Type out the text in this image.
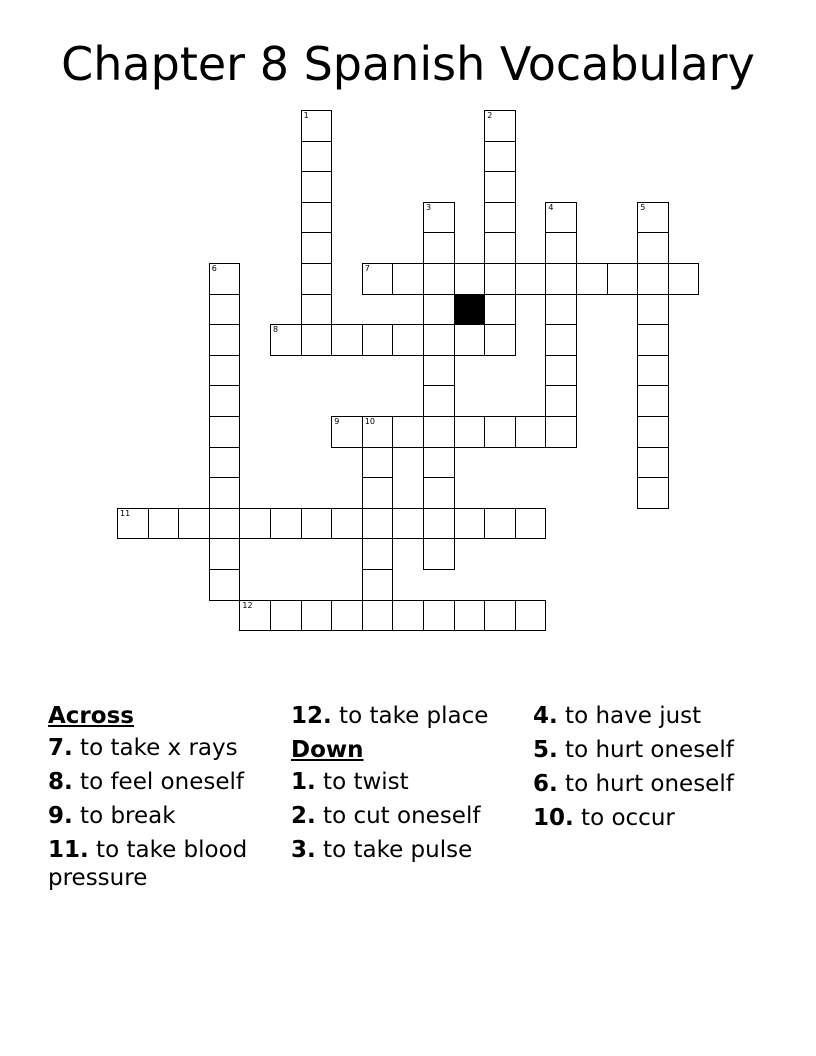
Chapter 8 Spanish Vocabulary
7
8
9	10
11
12
1	2
3	4	5
6
Across
7. to take x rays
8. to feel oneself
9. to break
11. to take blood pressure
12. to take place
Down
1. to twist
2. to cut oneself
3. to take pulse
4. to have just
5. to hurt oneself
6. to hurt oneself
10. to occur
